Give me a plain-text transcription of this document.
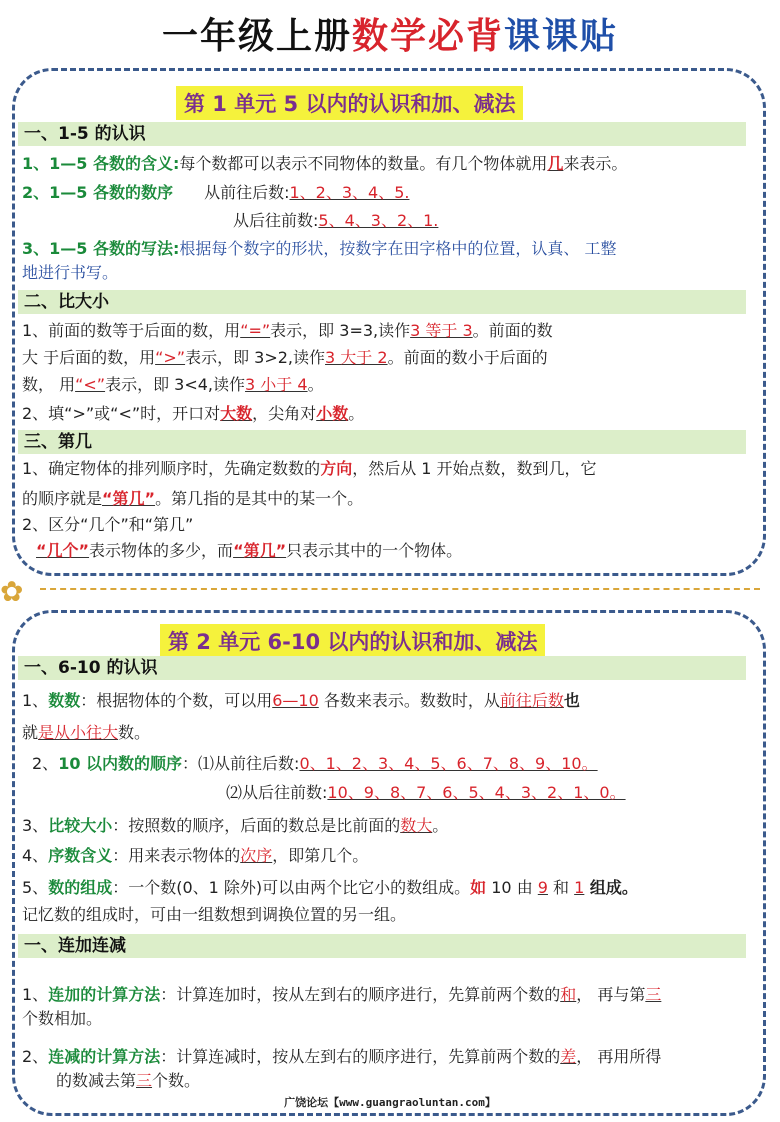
一年级上册数学必背课课贴
第 1 单元 5 以内的认识和加、减法
一、1-5 的认识
1、1—5 各数的含义:每个数都可以表示不同物体的数量。有几个物体就用几来表示。
2、1—5 各数的数序 从前往后数:1、2、3、4、5.
从后往前数:5、4、3、2、1.
3、1—5 各数的写法:根据每个数字的形状，按数字在田字格中的位置，认真、 工整
地进行书写。
二、比大小
1、前面的数等于后面的数，用“=”表示，即 3=3,读作3 等于 3。前面的数
大 于后面的数，用“>”表示，即 3>2,读作3 大于 2。前面的数小于后面的
数， 用“<”表示，即 3<4,读作3 小于 4。
2、填“>”或“<”时，开口对大数，尖角对小数。
三、第几
1、确定物体的排列顺序时，先确定数数的方向，然后从 1 开始点数，数到几，它
的顺序就是“第几”。第几指的是其中的某一个。
2、区分“几个”和“第几”
“几个”表示物体的多少，而“第几”只表示其中的一个物体。
✿
第 2 单元 6-10 以内的认识和加、减法
一、6-10 的认识
1、数数：根据物体的个数，可以用6—10 各数来表示。数数时，从前往后数也
就是从小往大数。
2、10 以内数的顺序：⑴从前往后数:0、1、2、3、4、5、6、7、8、9、10。
⑵从后往前数:10、9、8、7、6、5、4、3、2、1、0。
3、比较大小：按照数的顺序，后面的数总是比前面的数大。
4、序数含义：用来表示物体的次序，即第几个。
5、数的组成：一个数(0、1 除外)可以由两个比它小的数组成。如 10 由 9 和 1 组成。
记忆数的组成时，可由一组数想到调换位置的另一组。
一、连加连减
1、连加的计算方法：计算连加时，按从左到右的顺序进行，先算前两个数的和， 再与第三
个数相加。
2、连减的计算方法：计算连减时，按从左到右的顺序进行，先算前两个数的差， 再用所得
的数减去第三个数。
广饶论坛【www.guangraoluntan.com】
